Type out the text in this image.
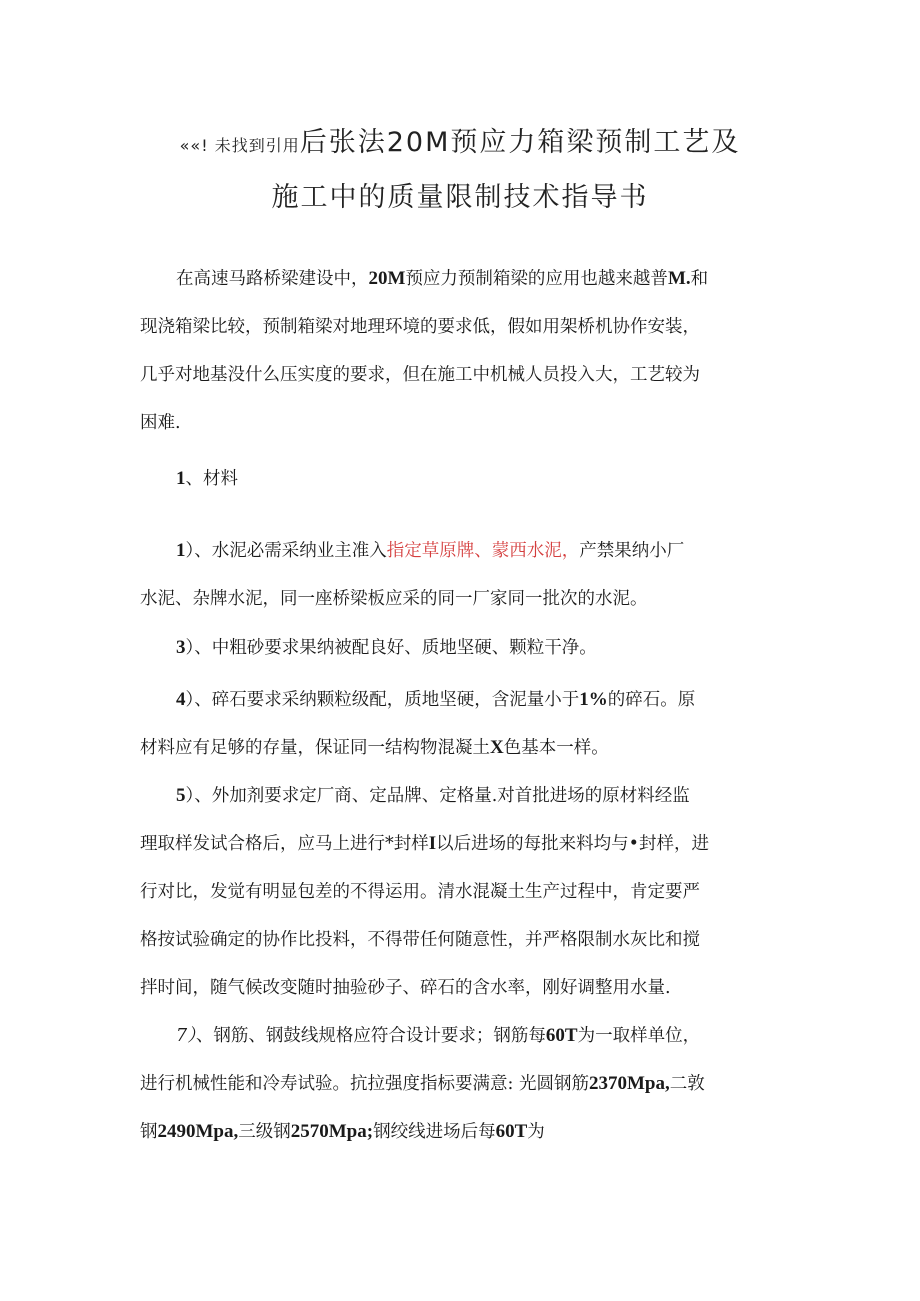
««! 未找到引用后张法20M预应力箱梁预制工艺及
施工中的质量限制技术指导书
在高速马路桥梁建设中，20M预应力预制箱梁的应用也越来越普M.和
现浇箱梁比较，预制箱梁对地理环境的要求低，假如用架桥机协作安装，
几乎对地基没什么压实度的要求，但在施工中机械人员投入大，工艺较为
困难.
1、材料
1）、水泥必需采纳业主准入指定草原牌、蒙西水泥，产禁果纳小厂
水泥、杂牌水泥，同一座桥梁板应采的同一厂家同一批次的水泥。
3）、中粗砂要求果纳被配良好、质地坚硬、颗粒干净。
4）、碎石要求采纳颗粒级配，质地坚硬，含泥量小于1%的碎石。原
材料应有足够的存量，保证同一结构物混凝土X色基本一样。
5）、外加剂要求定厂商、定品牌、定格量.对首批进场的原材料经监
理取样发试合格后，应马上进行*封样I以后进场的每批来料均与•封样，进
行对比，发觉有明显包差的不得运用。清水混凝土生产过程中，肯定要严
格按试验确定的协作比投料，不得带任何随意性，并严格限制水灰比和搅
拌时间，随气候改变随时抽验砂子、碎石的含水率，刚好调整用水量.
7）、钢筋、钢鼓线规格应符合设计要求；钢筋每60T为一取样单位，
进行机械性能和冷寿试验。抗拉强度指标要满意: 光圆钢筋2370Mpa,二敦
钢2490Mpa,三级钢2570Mpa;钢绞线进场后每60T为
